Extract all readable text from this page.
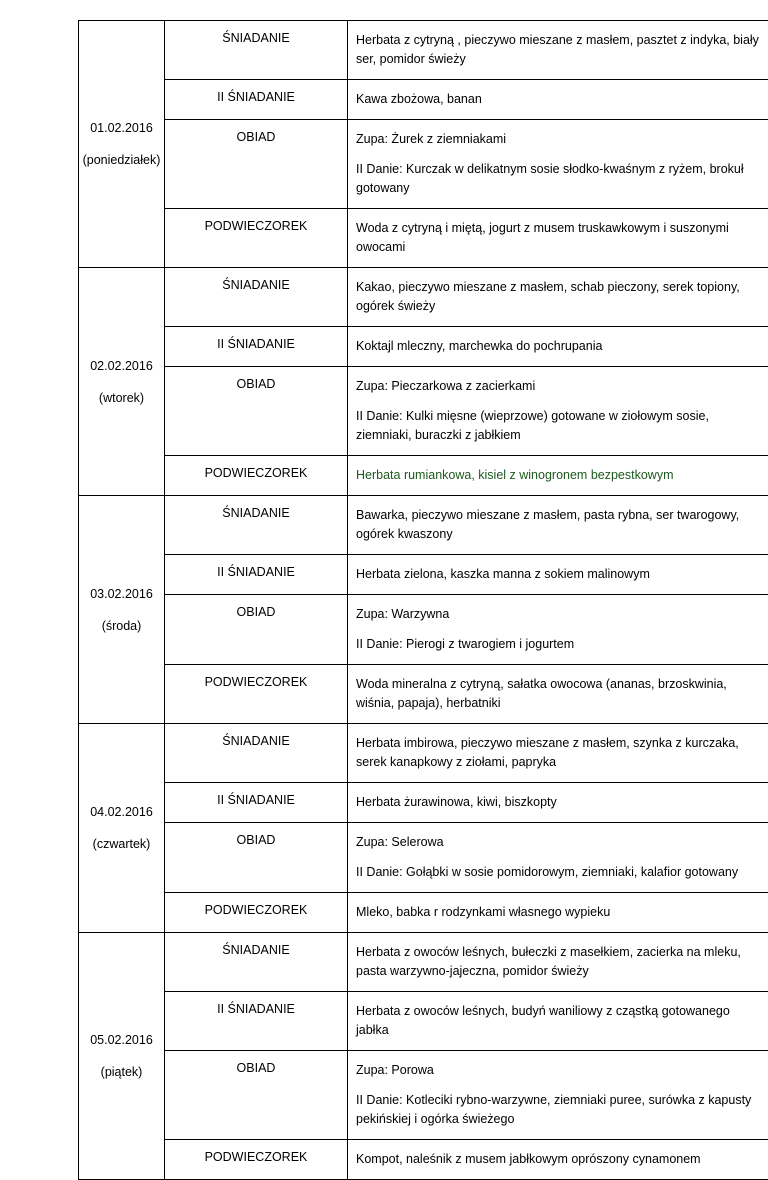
01.02.2016
(poniedziałek)	ŚNIADANIE	Herbata z cytryną , pieczywo mieszane z masłem, pasztet z indyka, biały ser, pomidor świeży
	II ŚNIADANIE	Kawa zbożowa, banan
	OBIAD	Zupa: Żurek z ziemniakami
II Danie: Kurczak w delikatnym sosie słodko-kwaśnym z ryżem, brokuł gotowany

	PODWIECZOREK	Woda z cytryną i miętą, jogurt z musem truskawkowym i suszonymi owocami

02.02.2016
(wtorek)	ŚNIADANIE	Kakao, pieczywo mieszane z masłem, schab pieczony, serek topiony, ogórek świeży
	II ŚNIADANIE	Koktajl mleczny, marchewka do pochrupania
	OBIAD	Zupa: Pieczarkowa z zacierkami
II Danie: Kulki mięsne (wieprzowe) gotowane w ziołowym sosie, ziemniaki, buraczki z jabłkiem

	PODWIECZOREK	Herbata rumiankowa, kisiel z winogronem bezpestkowym

03.02.2016
(środa)	ŚNIADANIE	Bawarka, pieczywo mieszane z masłem, pasta rybna, ser twarogowy, ogórek kwaszony
	II ŚNIADANIE	Herbata zielona, kaszka manna z sokiem malinowym
	OBIAD	Zupa: Warzywna
II Danie: Pierogi z twarogiem i jogurtem

	PODWIECZOREK	Woda mineralna z cytryną, sałatka owocowa (ananas, brzoskwinia, wiśnia, papaja), herbatniki

04.02.2016
(czwartek)	ŚNIADANIE	Herbata imbirowa, pieczywo mieszane z masłem, szynka z kurczaka, serek kanapkowy z ziołami, papryka
	II ŚNIADANIE	Herbata żurawinowa, kiwi, biszkopty
	OBIAD	Zupa: Selerowa
II Danie: Gołąbki w sosie pomidorowym, ziemniaki, kalafior gotowany

	PODWIECZOREK	Mleko, babka r rodzynkami własnego wypieku

05.02.2016
(piątek)	ŚNIADANIE	Herbata z owoców leśnych, bułeczki z masełkiem, zacierka na mleku, pasta warzywno-jajeczna, pomidor świeży
	II ŚNIADANIE	Herbata z owoców leśnych, budyń waniliowy z cząstką gotowanego jabłka
	OBIAD	Zupa: Porowa
II Danie: Kotleciki rybno-warzywne, ziemniaki puree, surówka z kapusty pekińskiej i ogórka świeżego

	PODWIECZOREK	Kompot, naleśnik z musem jabłkowym oprószony cynamonem
